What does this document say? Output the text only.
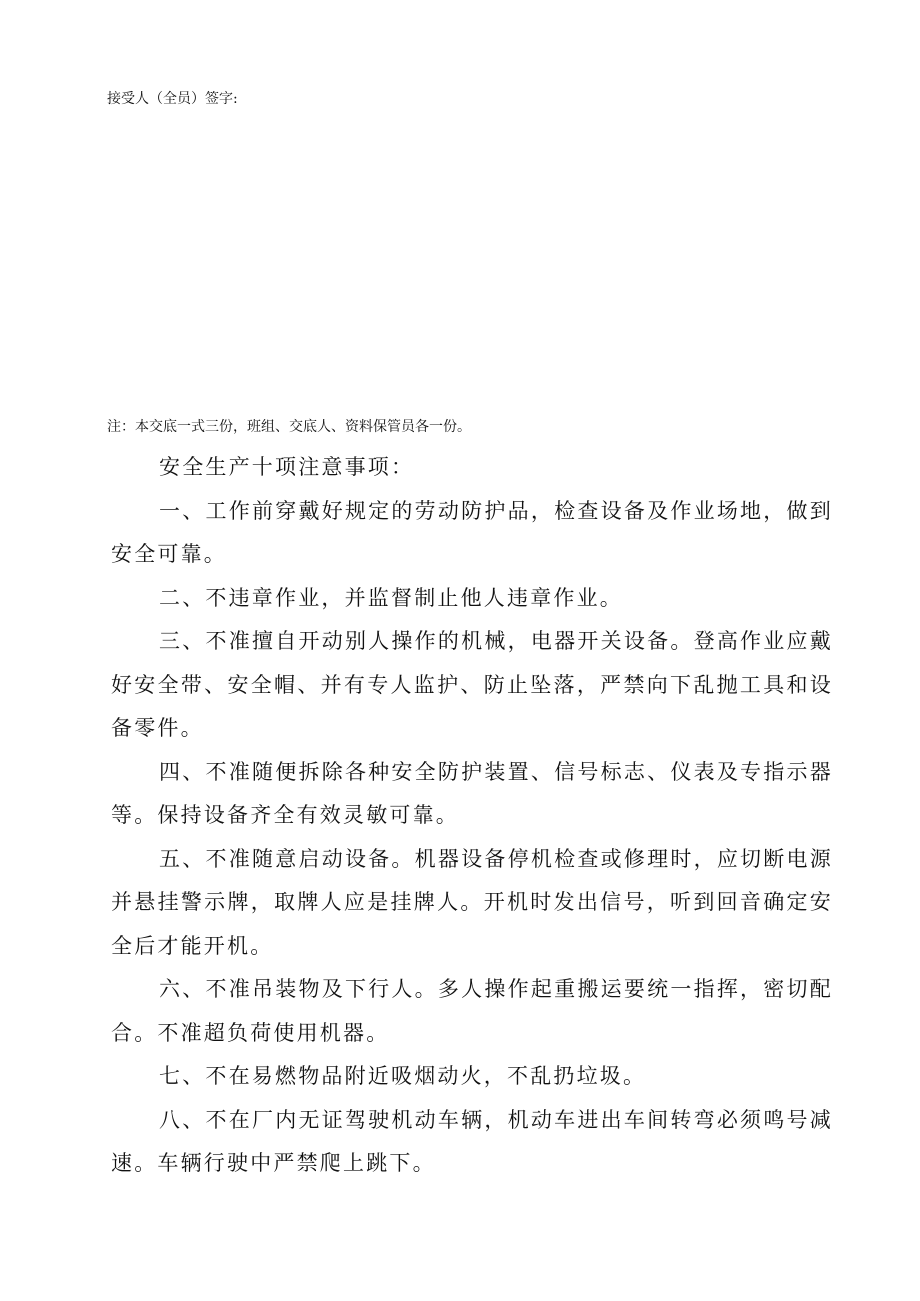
接受人（全员）签字:
注：本交底一式三份，班组、交底人、资料保管员各一份。

安全生产十项注意事项：

一、工作前穿戴好规定的劳动防护品，检查设备及作业场地，做到安全可靠。

二、不违章作业，并监督制止他人违章作业。

三、不准擅自开动别人操作的机械，电器开关设备。登高作业应戴好安全带、安全帽、并有专人监护、防止坠落，严禁向下乱抛工具和设备零件。

四、不准随便拆除各种安全防护装置、信号标志、仪表及专指示器等。保持设备齐全有效灵敏可靠。

五、不准随意启动设备。机器设备停机检查或修理时，应切断电源并悬挂警示牌，取牌人应是挂牌人。开机时发出信号，听到回音确定安全后才能开机。

六、不准吊装物及下行人。多人操作起重搬运要统一指挥，密切配合。不准超负荷使用机器。

七、不在易燃物品附近吸烟动火，不乱扔垃圾。

八、不在厂内无证驾驶机动车辆，机动车进出车间转弯必须鸣号减速。车辆行驶中严禁爬上跳下。
